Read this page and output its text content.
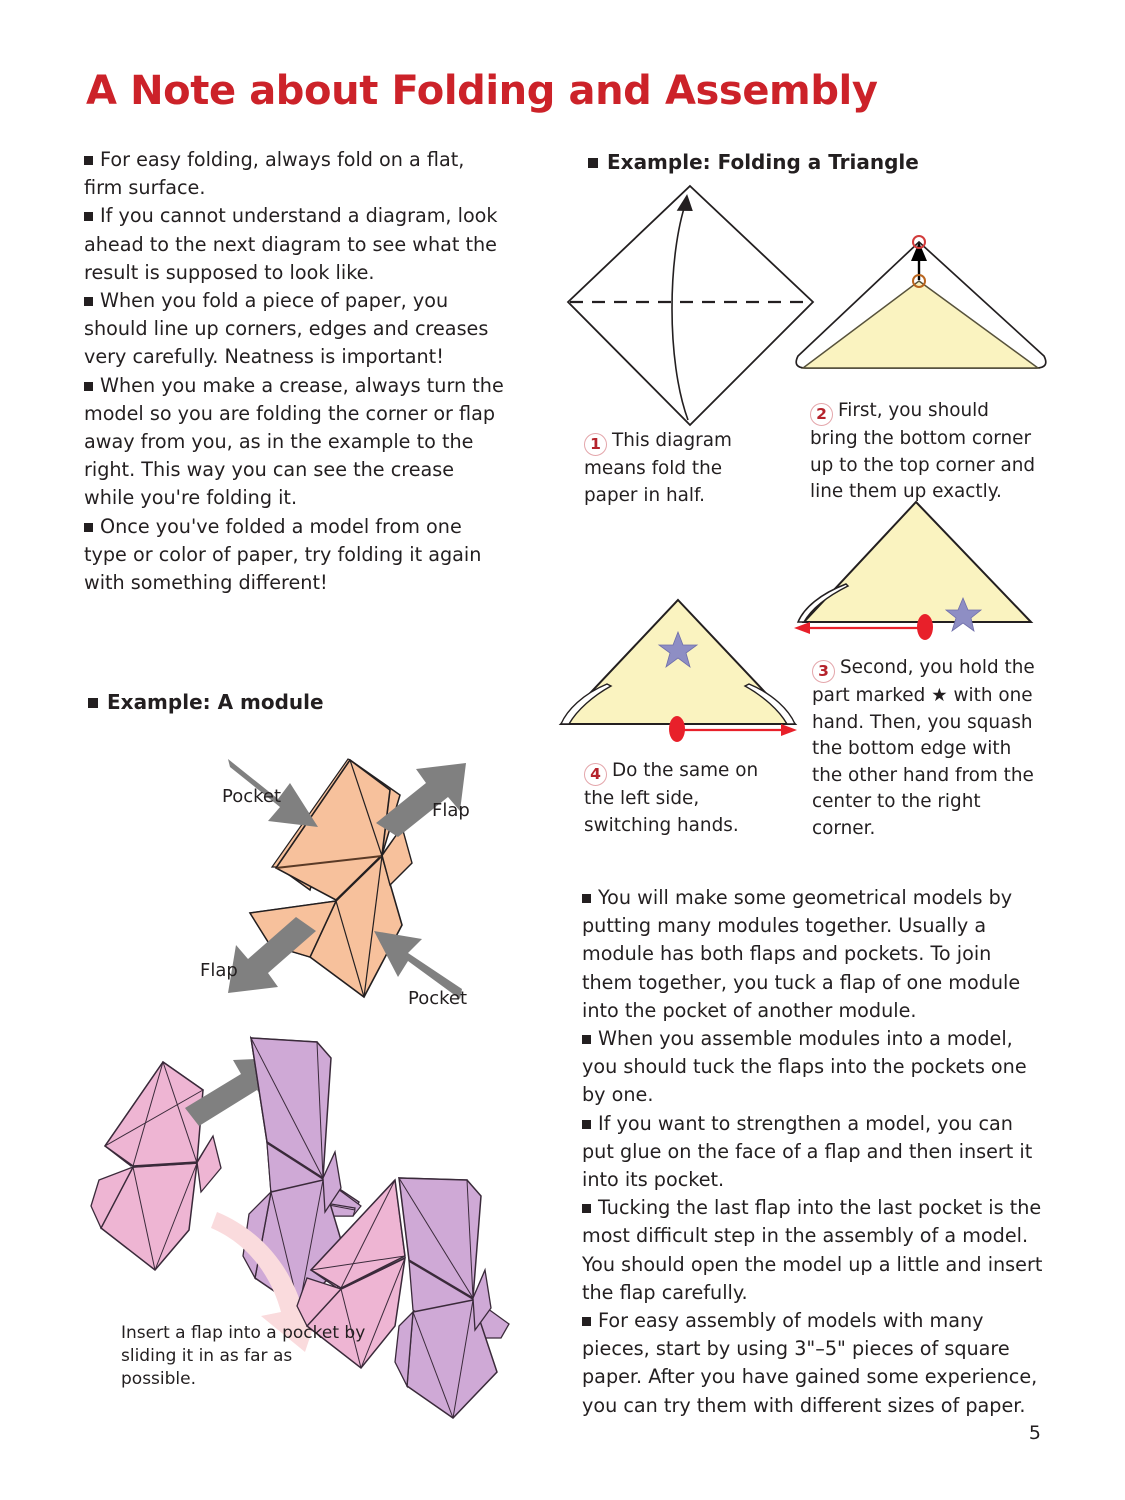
A Note about Folding and Assembly

For easy folding, always fold on a flat, firm surface.

If you cannot understand a diagram, look ahead to the next diagram to see what the result is supposed to look like.

When you fold a piece of paper, you should line up corners, edges and creases very carefully. Neatness is important!

When you make a crease, always turn the model so you are folding the corner or flap away from you, as in the example to the right. This way you can see the crease while you're folding it.

Once you've folded a model from one type or color of paper, try folding it again with something different!

Example: Folding a Triangle
1 This diagram means fold the paper in half.
2 First, you should bring the bottom corner up to the top corner and line them up exactly.
3 Second, you hold the part marked ★ with one hand. Then, you squash the bottom edge with the other hand from the center to the right corner.
4 Do the same on the left side, switching hands.
Example: A module
Pocket
Flap
Flap
Pocket
Insert a flap into a pocket by sliding it in as far as possible.

You will make some geometrical models by putting many modules together. Usually a module has both flaps and pockets. To join them together, you tuck a flap of one module into the pocket of another module.

When you assemble modules into a model, you should tuck the flaps into the pockets one by one.

If you want to strengthen a model, you can put glue on the face of a flap and then insert it into its pocket.

Tucking the last flap into the last pocket is the most difficult step in the assembly of a model. You should open the model up a little and insert the flap carefully.

For easy assembly of models with many pieces, start by using 3"–5" pieces of square paper. After you have gained some experience, you can try them with different sizes of paper.

5
